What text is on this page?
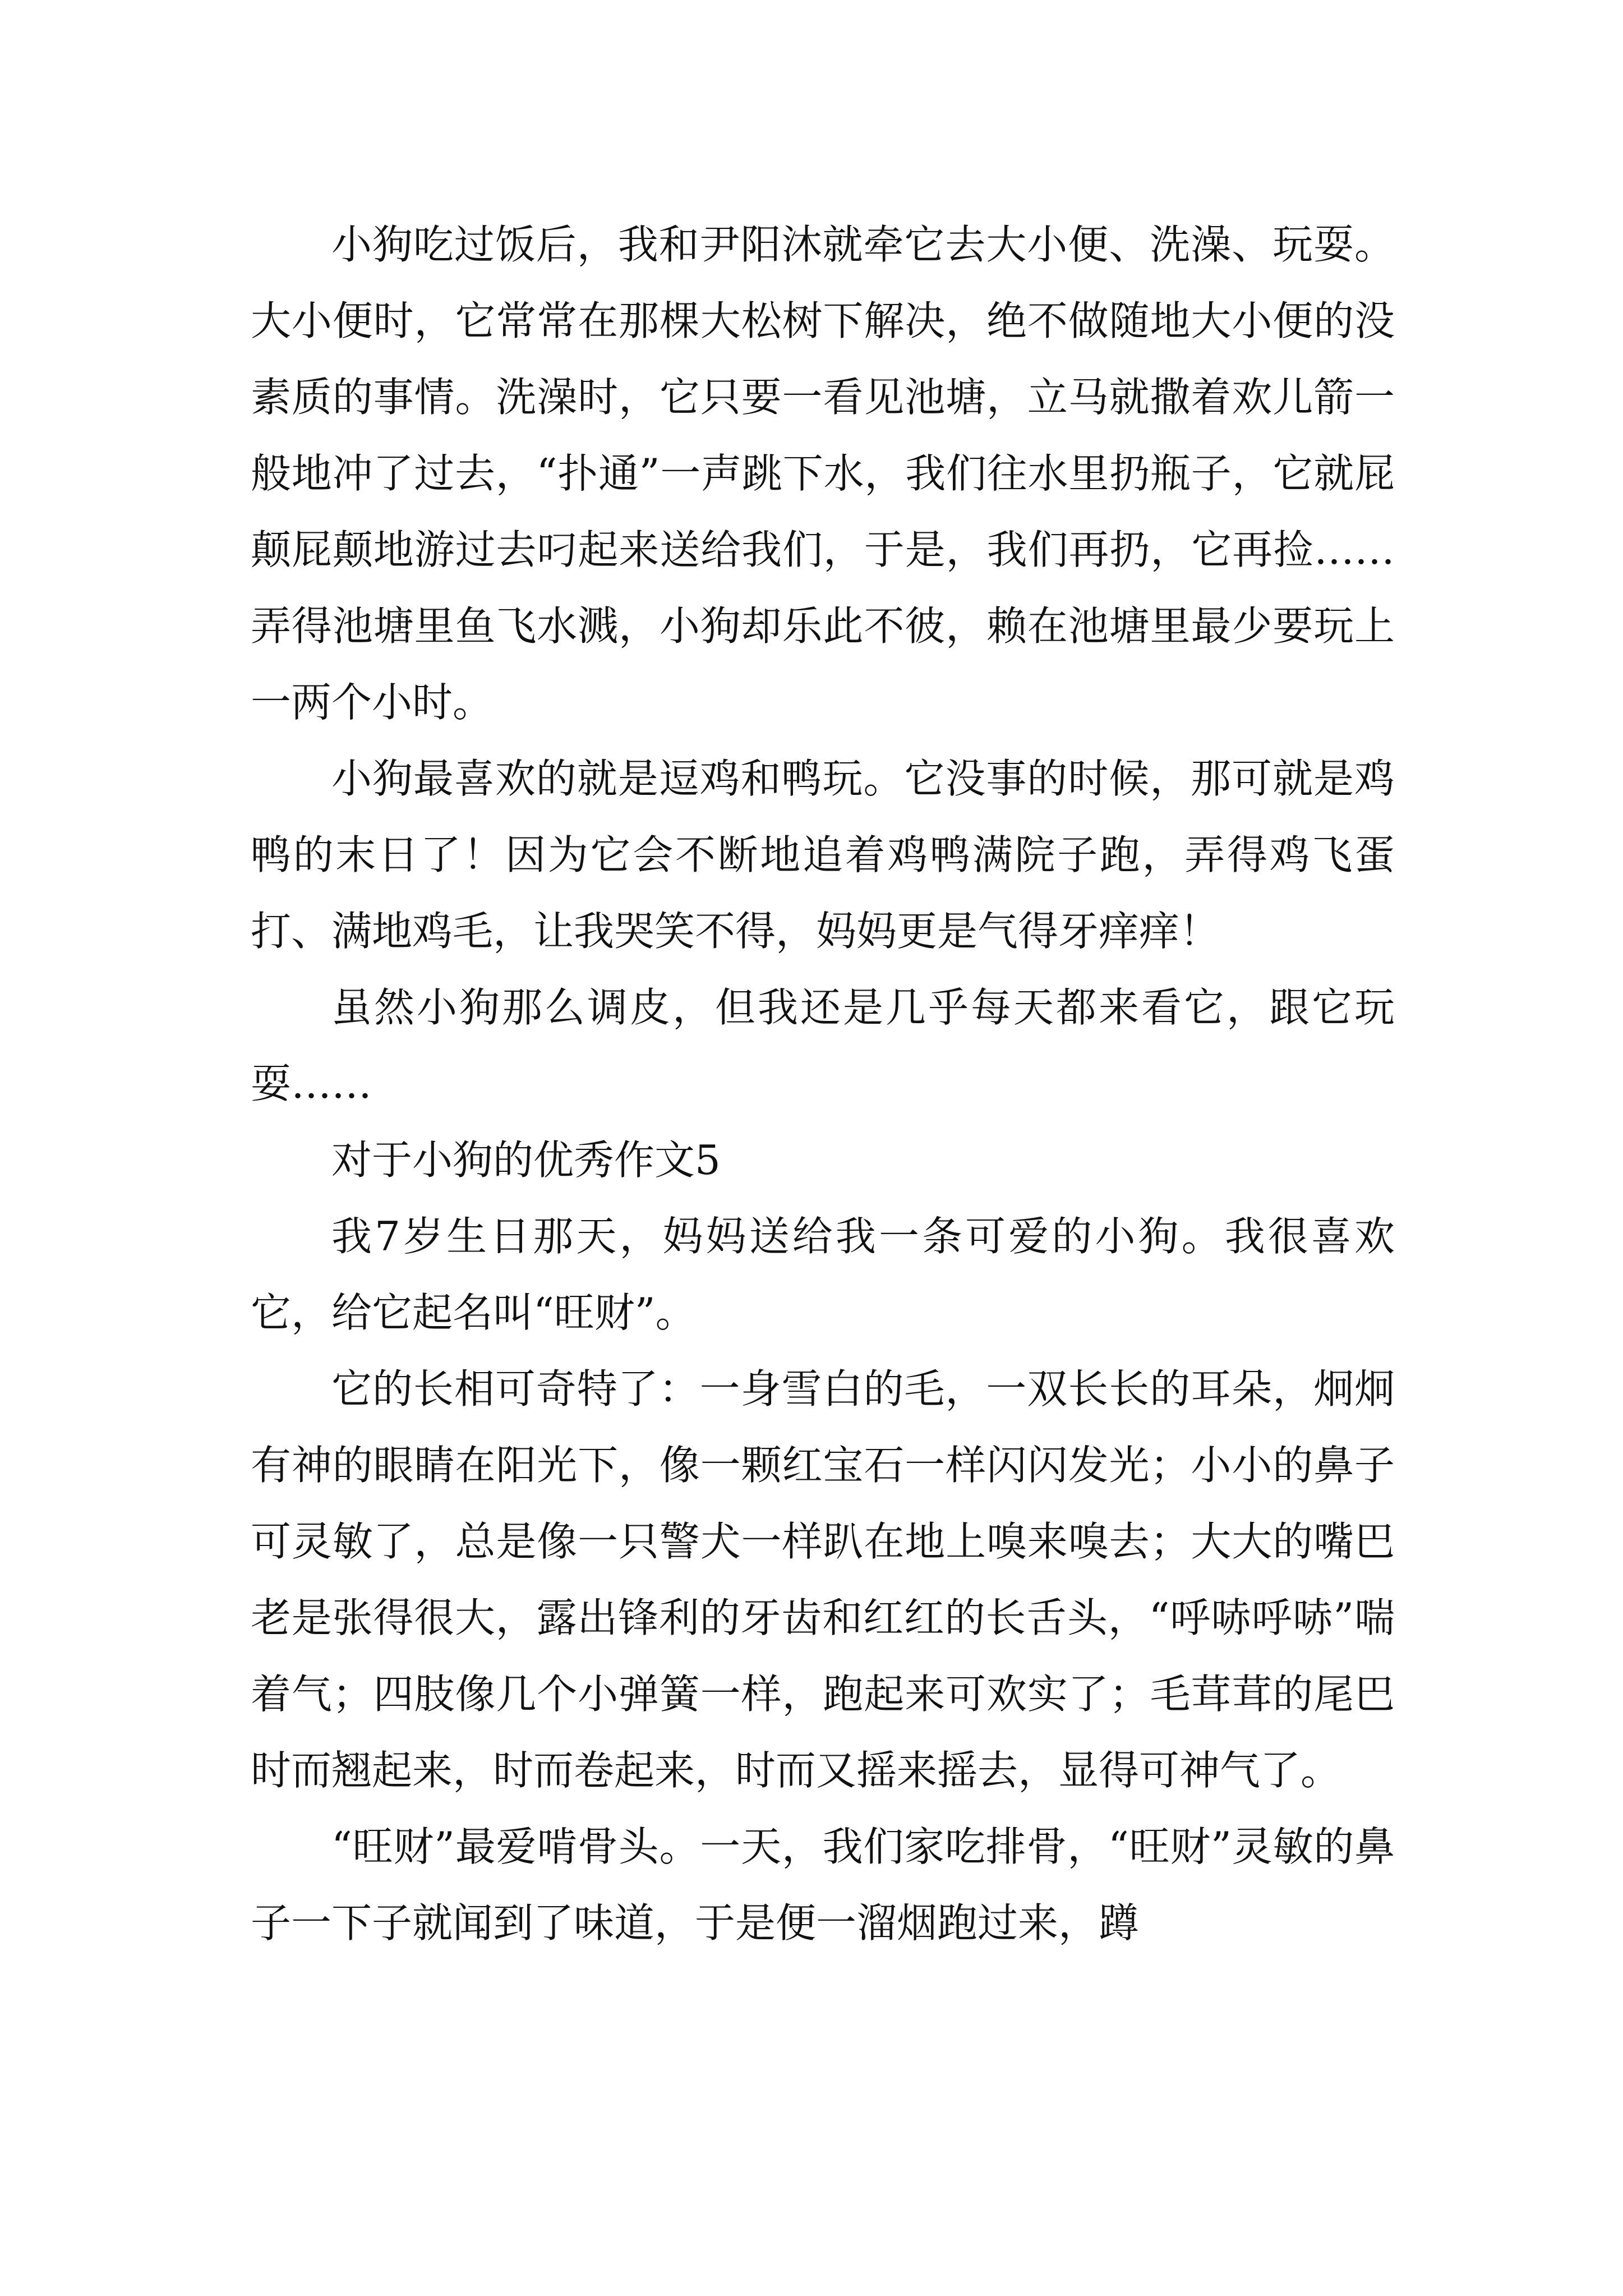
小狗吃过饭后，我和尹阳沐就牵它去大小便、洗澡、玩耍。大小便时，它常常在那棵大松树下解决，绝不做随地大小便的没素质的事情。洗澡时，它只要一看见池塘，立马就撒着欢儿箭一般地冲了过去，“扑通”一声跳下水，我们往水里扔瓶子，它就屁颠屁颠地游过去叼起来送给我们，于是，我们再扔，它再捡……弄得池塘里鱼飞水溅，小狗却乐此不彼，赖在池塘里最少要玩上一两个小时。

小狗最喜欢的就是逗鸡和鸭玩。它没事的时候，那可就是鸡鸭的末日了！因为它会不断地追着鸡鸭满院子跑，弄得鸡飞蛋打、满地鸡毛，让我哭笑不得，妈妈更是气得牙痒痒！

虽然小狗那么调皮，但我还是几乎每天都来看它，跟它玩耍……

对于小狗的优秀作文5

我7岁生日那天，妈妈送给我一条可爱的小狗。我很喜欢它，给它起名叫“旺财”。

它的长相可奇特了：一身雪白的毛，一双长长的耳朵，炯炯有神的眼睛在阳光下，像一颗红宝石一样闪闪发光；小小的鼻子可灵敏了，总是像一只警犬一样趴在地上嗅来嗅去；大大的嘴巴老是张得很大，露出锋利的牙齿和红红的长舌头，“呼哧呼哧”喘着气；四肢像几个小弹簧一样，跑起来可欢实了；毛茸茸的尾巴时而翘起来，时而卷起来，时而又摇来摇去，显得可神气了。

“旺财”最爱啃骨头。一天，我们家吃排骨，“旺财”灵敏的鼻子一下子就闻到了味道，于是便一溜烟跑过来，蹲
